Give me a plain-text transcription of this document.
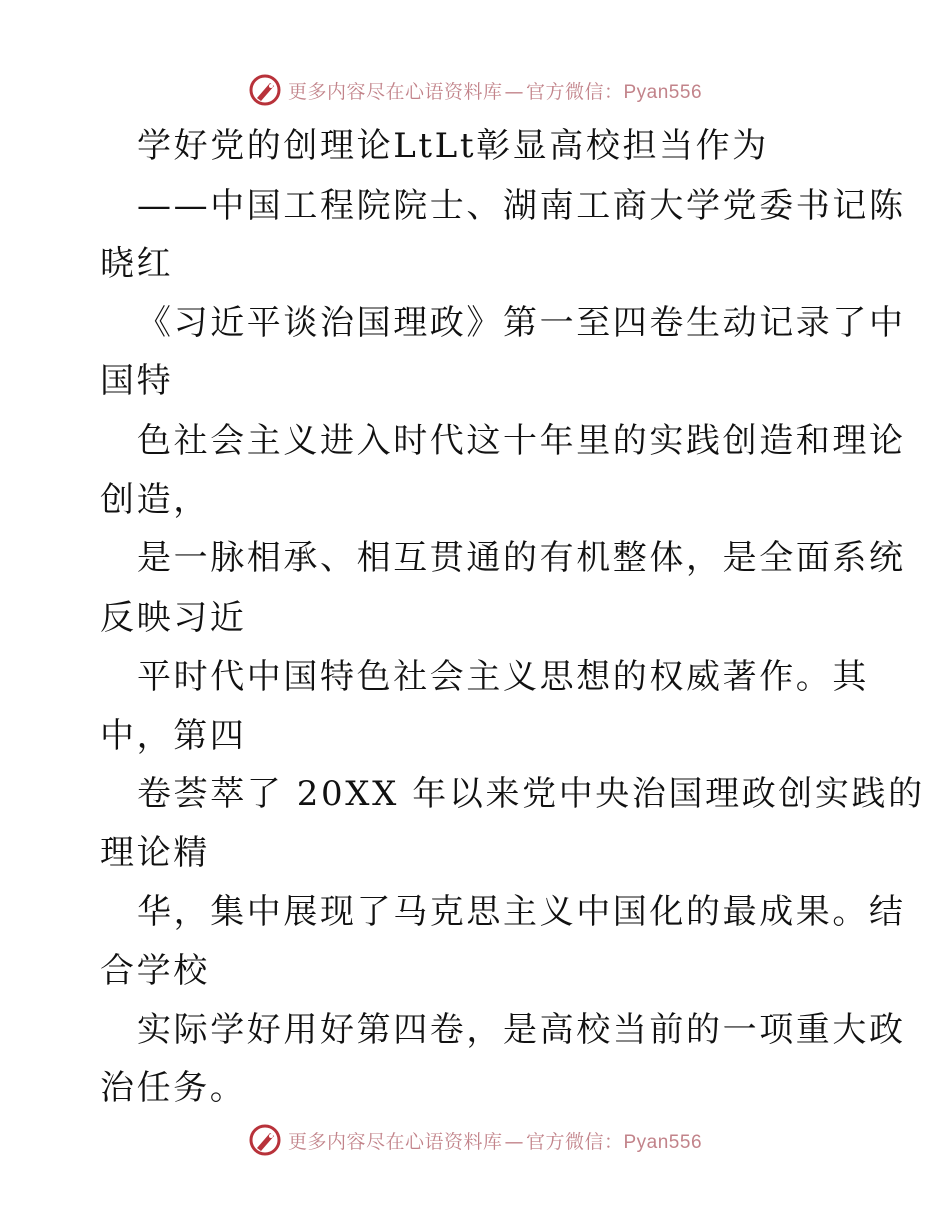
更多内容尽在心语资料库 — 官方微信：Pyan556
学好党的创理论LtLt彰显高校担当作为
——中国工程院院士、湖南工商大学党委书记陈
晓红
《习近平谈治国理政》第一至四卷生动记录了中
国特
色社会主义进入时代这十年里的实践创造和理论
创造，
是一脉相承、相互贯通的有机整体，是全面系统
反映习近
平时代中国特色社会主义思想的权威著作。其
中，第四
卷荟萃了 20XX 年以来党中央治国理政创实践的
理论精
华，集中展现了马克思主义中国化的最成果。结
合学校
实际学好用好第四卷，是高校当前的一项重大政
治任务。
更多内容尽在心语资料库 — 官方微信：Pyan556
